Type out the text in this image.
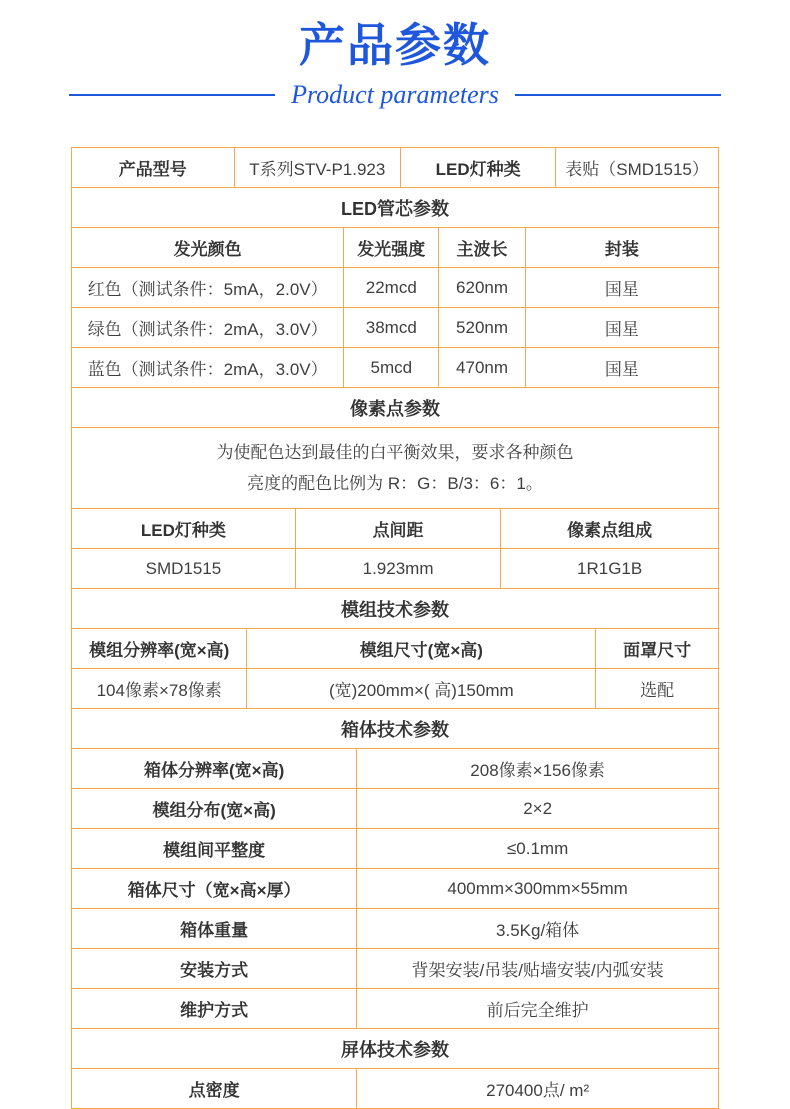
产品参数
Product parameters
产品型号	T系列STV-P1.923	LED灯种类	表贴（SMD1515）
LED管芯参数
发光颜色	发光强度	主波长	封装
红色（测试条件：5mA，2.0V）	22mcd	620nm	国星
绿色（测试条件：2mA，3.0V）	38mcd	520nm	国星
蓝色（测试条件：2mA，3.0V）	5mcd	470nm	国星
像素点参数
为使配色达到最佳的白平衡效果，要求各种颜色
亮度的配色比例为 R：G：B/3：6：1。
LED灯种类	点间距	像素点组成
SMD1515	1.923mm	1R1G1B
模组技术参数
模组分辨率(宽×高)	模组尺寸(宽×高)	面罩尺寸
104像素×78像素	(宽)200mm×( 高)150mm	选配
箱体技术参数
箱体分辨率(宽×高)	208像素×156像素
模组分布(宽×高)	2×2
模组间平整度	≤0.1mm
箱体尺寸（宽×高×厚）	400mm×300mm×55mm
箱体重量	3.5Kg/箱体
安装方式	背架安装/吊装/贴墙安装/内弧安装
维护方式	前后完全维护
屏体技术参数
点密度	270400点/ m²
